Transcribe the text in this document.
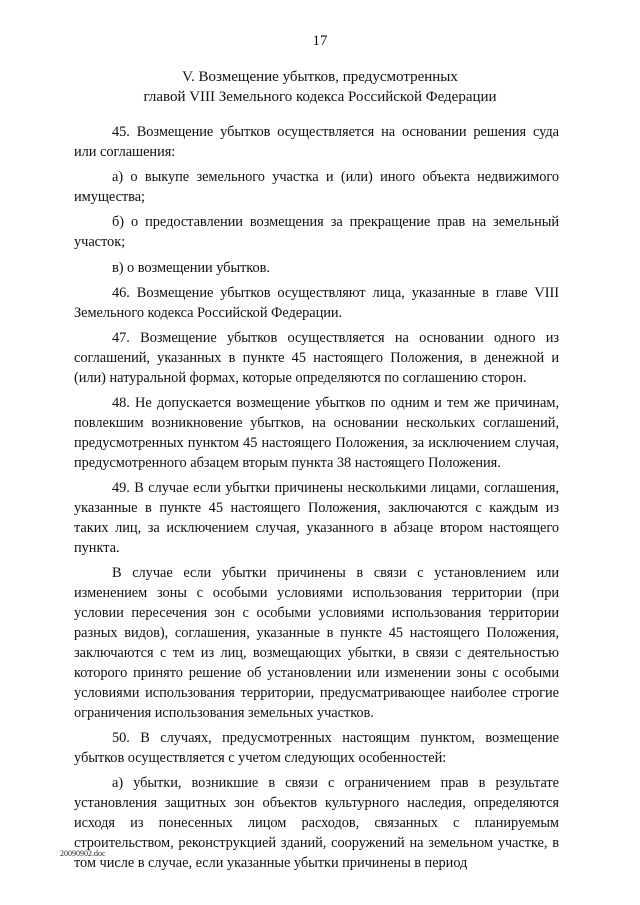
17
V. Возмещение убытков, предусмотренных
главой VIII Земельного кодекса Российской Федерации

45. Возмещение убытков осуществляется на основании решения суда или соглашения:

а) о выкупе земельного участка и (или) иного объекта недвижимого имущества;

б) о предоставлении возмещения за прекращение прав на земельный участок;

в) о возмещении убытков.

46. Возмещение убытков осуществляют лица, указанные в главе VIII Земельного кодекса Российской Федерации.

47. Возмещение убытков осуществляется на основании одного из соглашений, указанных в пункте 45 настоящего Положения, в денежной и (или) натуральной формах, которые определяются по соглашению сторон.

48. Не допускается возмещение убытков по одним и тем же причинам, повлекшим возникновение убытков, на основании нескольких соглашений, предусмотренных пунктом 45 настоящего Положения, за исключением случая, предусмотренного абзацем вторым пункта 38 настоящего Положения.

49. В случае если убытки причинены несколькими лицами, соглашения, указанные в пункте 45 настоящего Положения, заключаются с каждым из таких лиц, за исключением случая, указанного в абзаце втором настоящего пункта.

В случае если убытки причинены в связи с установлением или изменением зоны с особыми условиями использования территории (при условии пересечения зон с особыми условиями использования территории разных видов), соглашения, указанные в пункте 45 настоящего Положения, заключаются с тем из лиц, возмещающих убытки, в связи с деятельностью которого принято решение об установлении или изменении зоны с особыми условиями использования территории, предусматривающее наиболее строгие ограничения использования земельных участков.

50. В случаях, предусмотренных настоящим пунктом, возмещение убытков осуществляется с учетом следующих особенностей:

а) убытки, возникшие в связи с ограничением прав в результате установления защитных зон объектов культурного наследия, определяются исходя из понесенных лицом расходов, связанных с планируемым строительством, реконструкцией зданий, сооружений на земельном участке, в том числе в случае, если указанные убытки причинены в период

20090902.doc
